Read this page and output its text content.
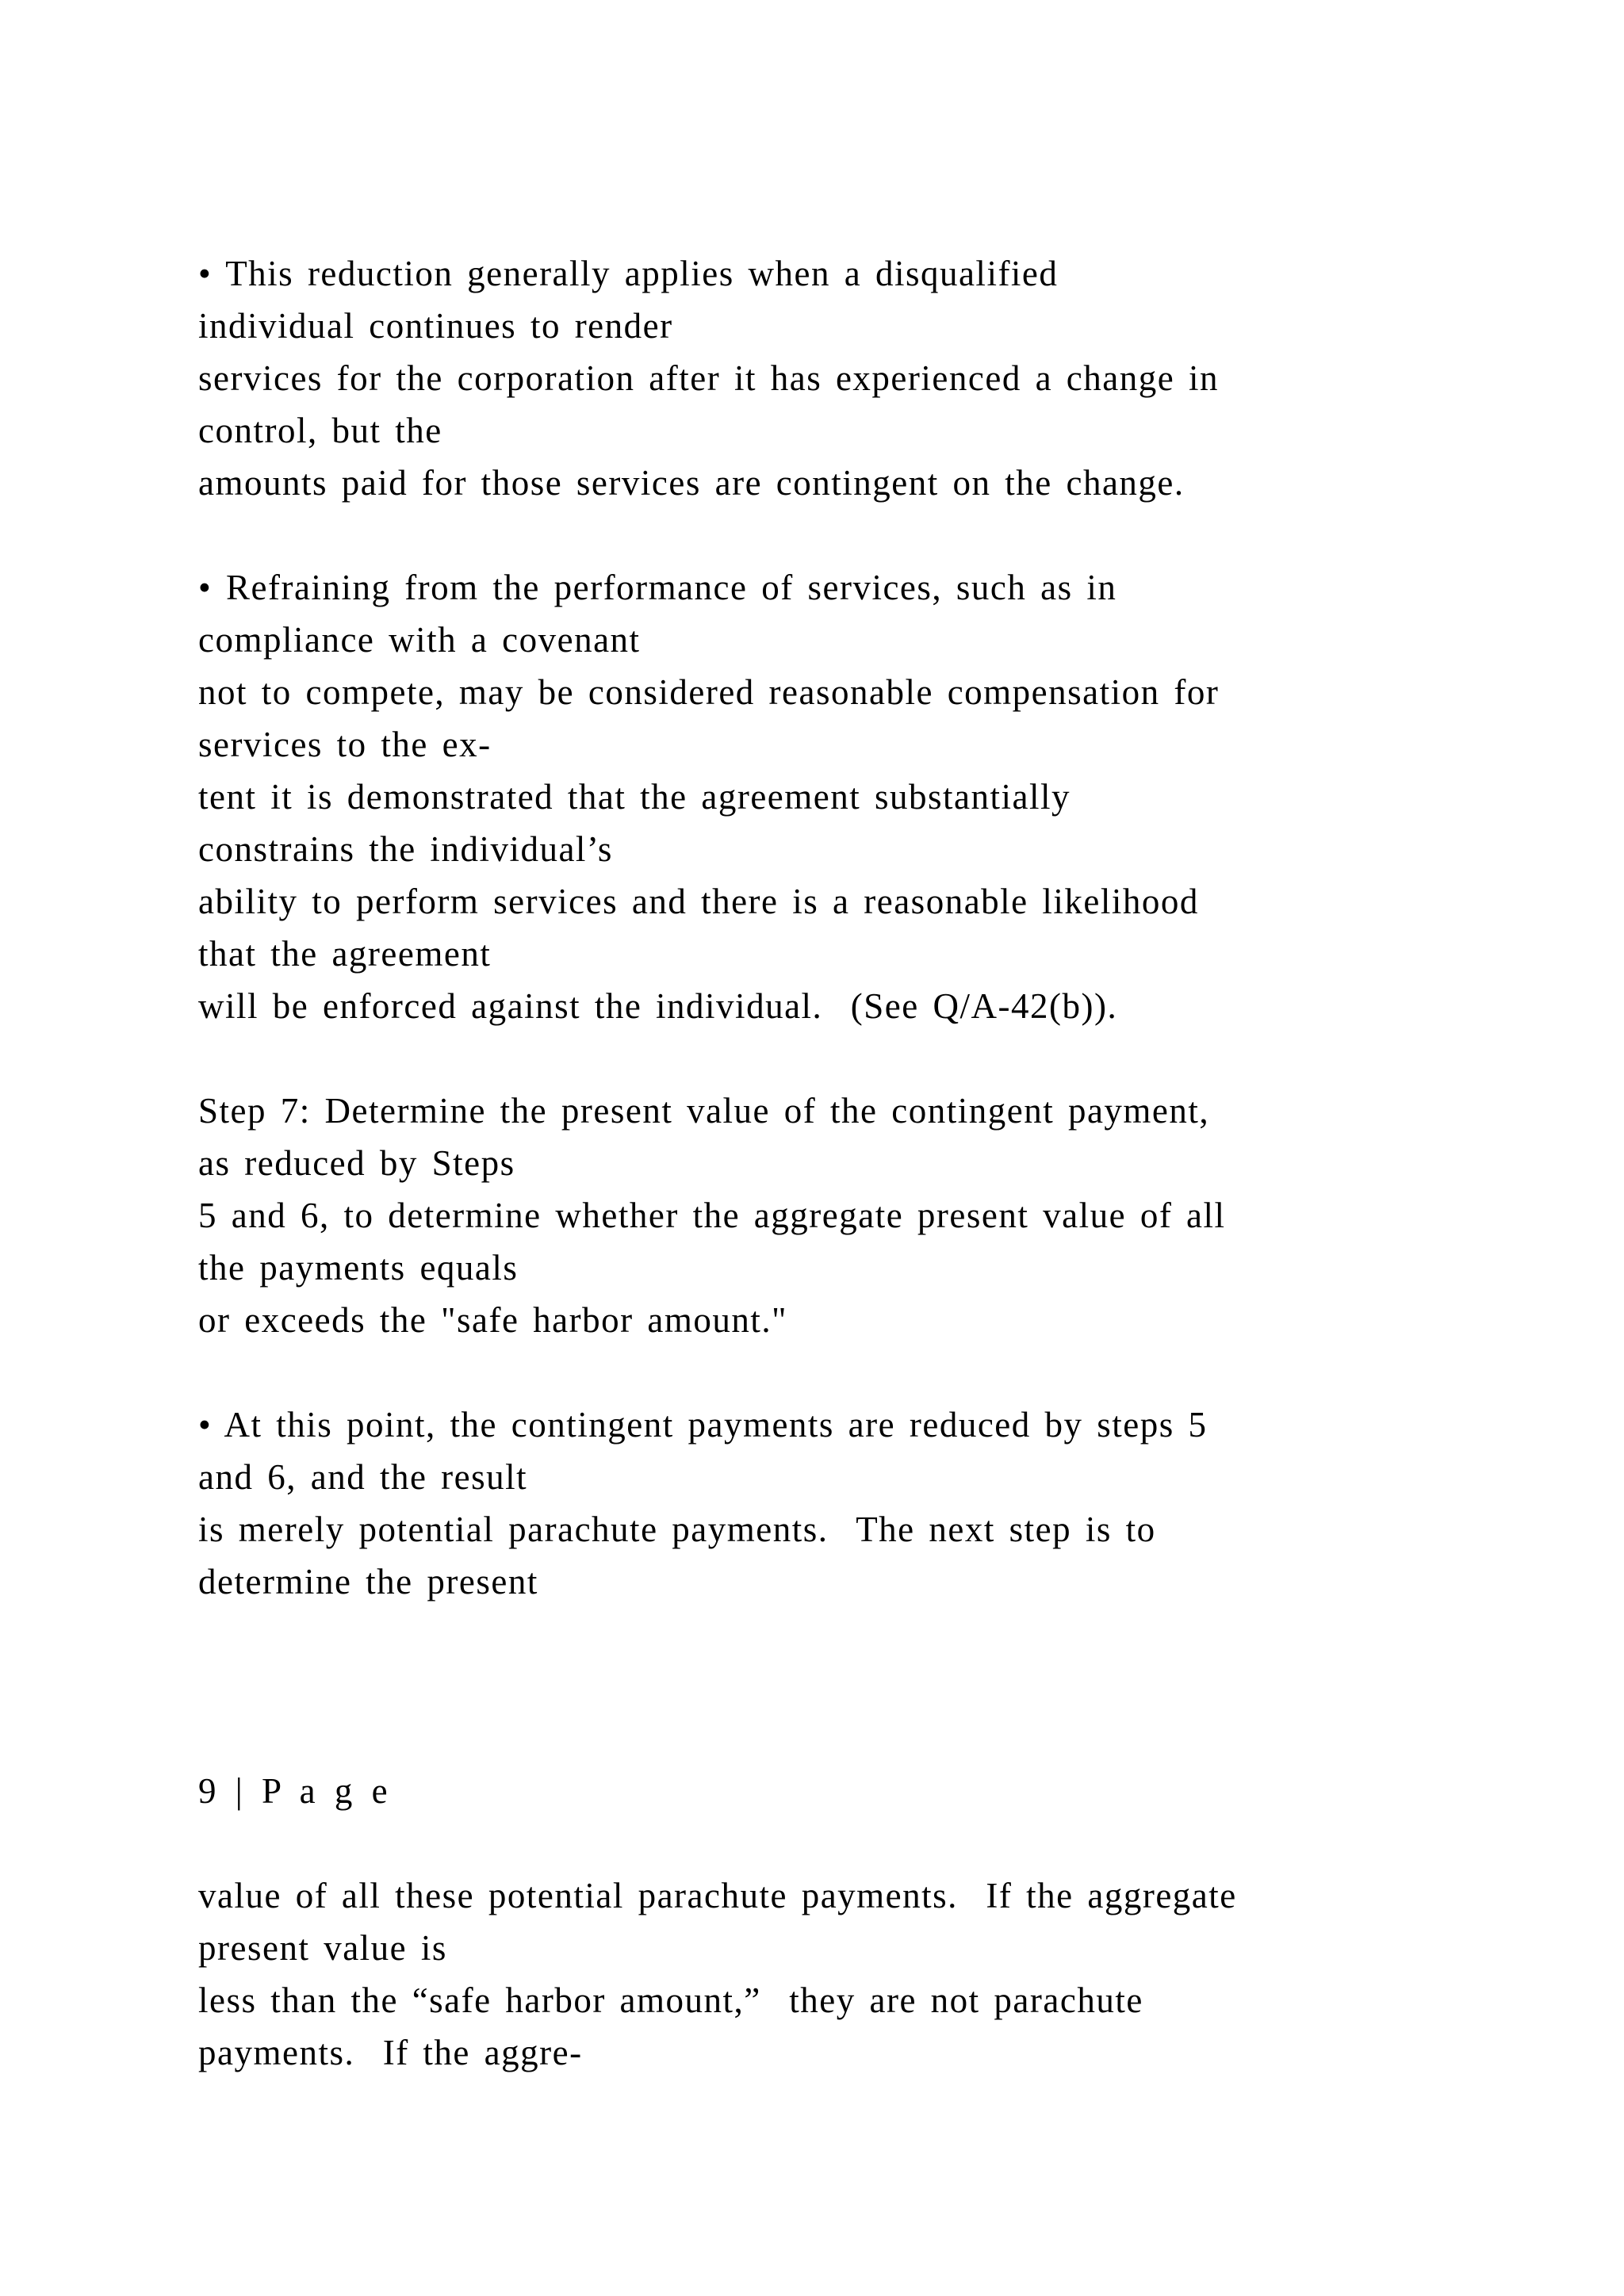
• This reduction generally applies when a disqualified
individual continues to render
services for the corporation after it has experienced a change in
control, but the
amounts paid for those services are contingent on the change.
• Refraining from the performance of services, such as in
compliance with a covenant
not to compete, may be considered reasonable compensation for
services to the ex-
tent it is demonstrated that the agreement substantially
constrains the individual’s
ability to perform services and there is a reasonable likelihood
that the agreement
will be enforced against the individual.  (See Q/A-42(b)).
Step 7: Determine the present value of the contingent payment,
as reduced by Steps
5 and 6, to determine whether the aggregate present value of all
the payments equals
or exceeds the "safe harbor amount."
• At this point, the contingent payments are reduced by steps 5
and 6, and the result
is merely potential parachute payments.  The next step is to
determine the present
9 | P a g e
value of all these potential parachute payments.  If the aggregate
present value is
less than the “safe harbor amount,”  they are not parachute
payments.  If the aggre-
